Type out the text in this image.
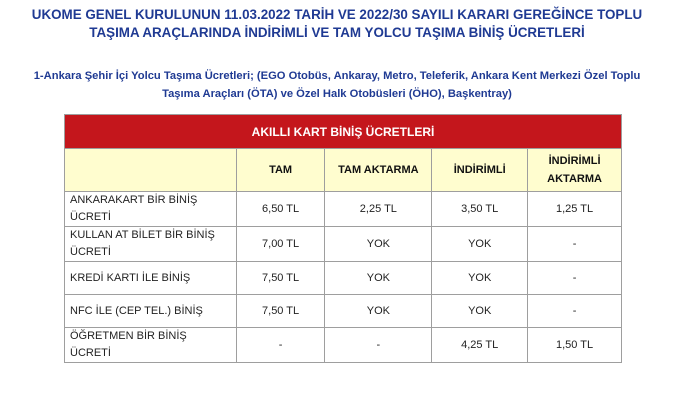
UKOME GENEL KURULUNUN 11.03.2022 TARİH VE 2022/30 SAYILI KARARI GEREĞİNCE TOPLU
TAŞIMA ARAÇLARINDA İNDİRİMLİ VE TAM YOLCU TAŞIMA BİNİŞ ÜCRETLERİ

1-Ankara Şehir İçi Yolcu Taşıma Ücretleri; (EGO Otobüs, Ankaray, Metro, Teleferik, Ankara Kent Merkezi Özel Toplu
Taşıma Araçları (ÖTA) ve Özel Halk Otobüsleri (ÖHO), Başkentray)

AKILLI KART BİNİŞ ÜCRETLERİ				
	TAM	TAM AKTARMA	İNDİRİMLİ	İNDİRİMLİ AKTARMA
ANKARAKART BİR BİNİŞ ÜCRETİ	6,50 TL	2,25 TL	3,50 TL	1,25 TL
KULLAN AT BİLET BİR BİNİŞ ÜCRETİ	7,00 TL	YOK	YOK	-
KREDİ KARTI İLE BİNİŞ	7,50 TL	YOK	YOK	-
NFC İLE (CEP TEL.) BİNİŞ	7,50 TL	YOK	YOK	-
ÖĞRETMEN BİR BİNİŞ ÜCRETİ	-	-	4,25 TL	1,50 TL
